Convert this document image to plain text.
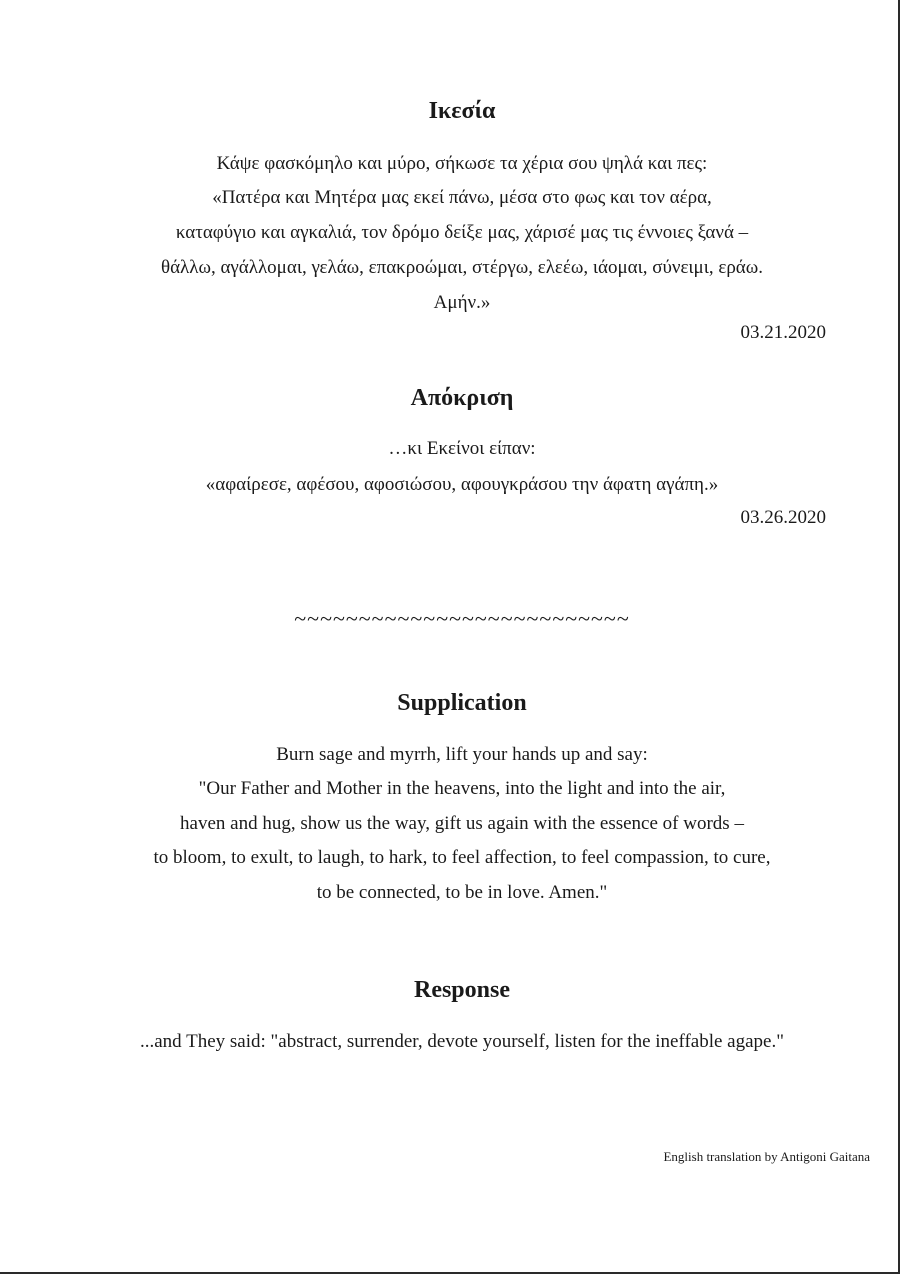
Ικεσία

Κάψε φασκόμηλο και μύρο, σήκωσε τα χέρια σου ψηλά και πες:

«Πατέρα και Μητέρα μας εκεί πάνω, μέσα στο φως και τον αέρα,

καταφύγιο και αγκαλιά, τον δρόμο δείξε μας, χάρισέ μας τις έννοιες ξανά –

θάλλω, αγάλλομαι, γελάω, επακροώμαι, στέργω, ελεέω, ιάομαι, σύνειμι, εράω.

Αμήν.»

03.21.2020

Απόκριση

…κι Εκείνοι είπαν:

«αφαίρεσε, αφέσου, αφοσιώσου, αφουγκράσου την άφατη αγάπη.»

03.26.2020

~~~~~~~~~~~~~~~~~~~~~~~~~~

Supplication

Burn sage and myrrh, lift your hands up and say:

"Our Father and Mother in the heavens, into the light and into the air,

haven and hug, show us the way, gift us again with the essence of words –

to bloom, to exult, to laugh, to hark, to feel affection, to feel compassion, to cure,

to be connected, to be in love. Amen."

Response

...and They said: "abstract, surrender, devote yourself, listen for the ineffable agape."

English translation by Antigoni Gaitana
